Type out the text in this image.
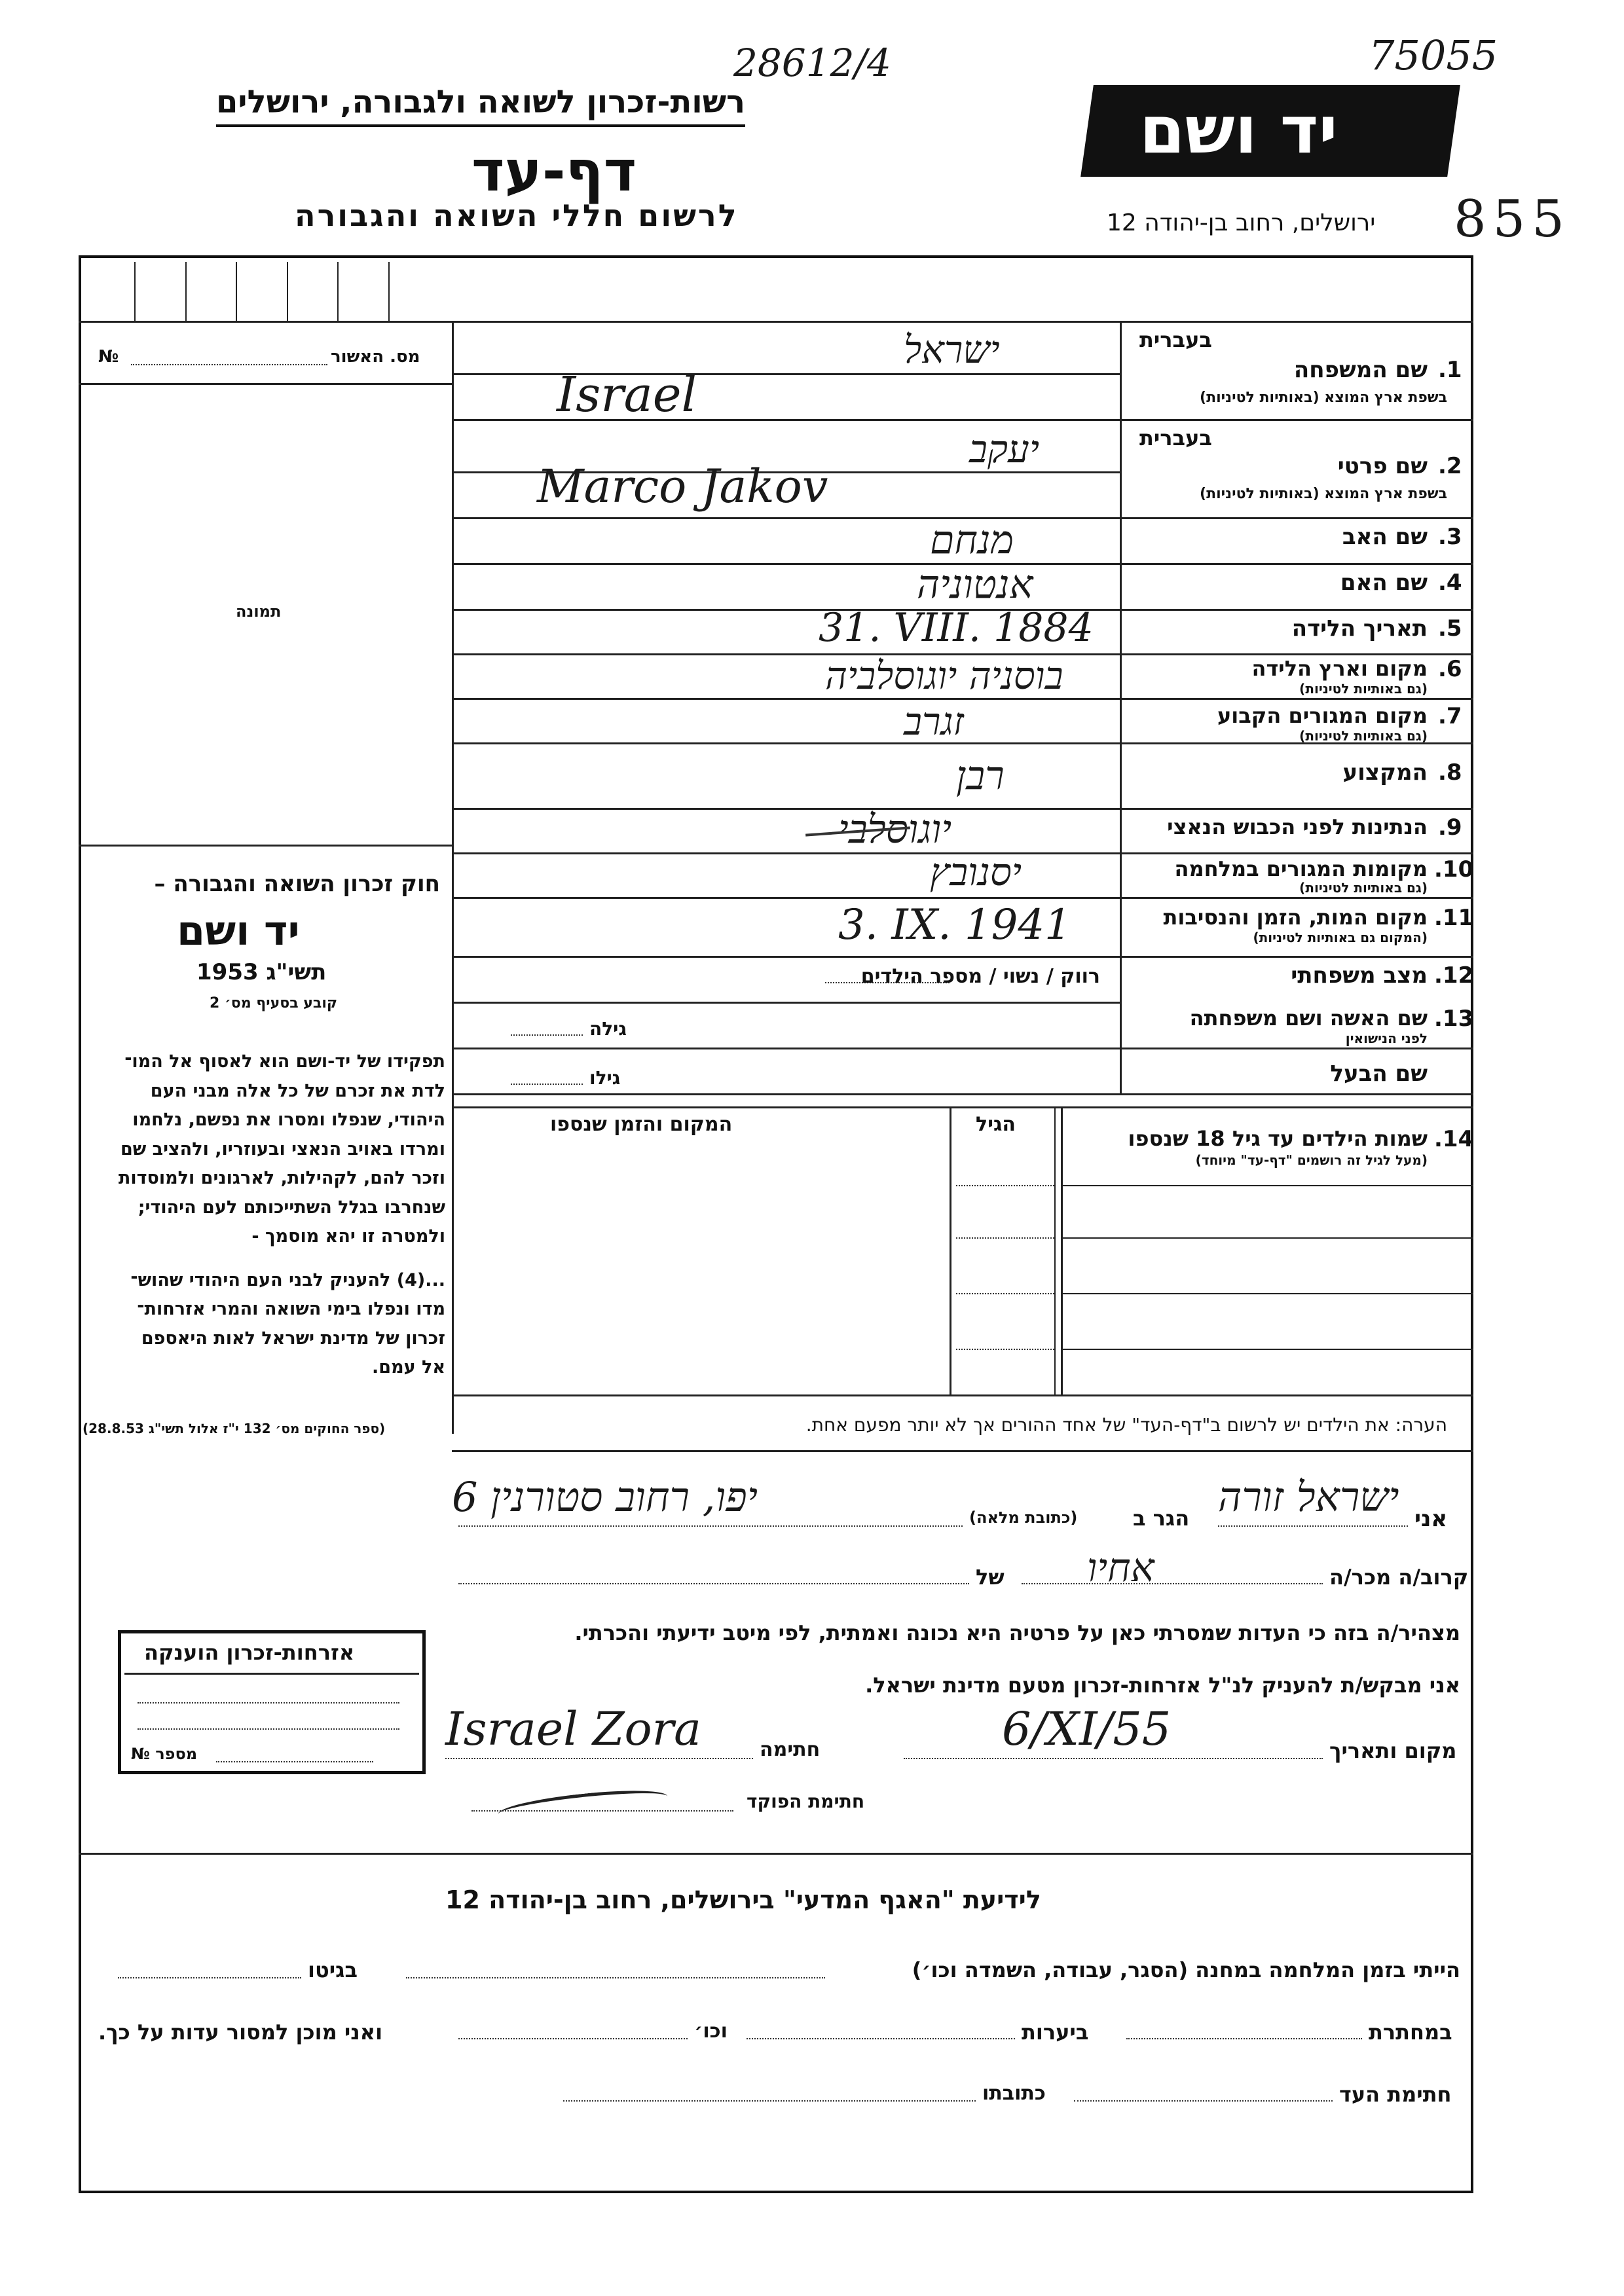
28612/4	75055
855
רשות-זכרון לשואה ולגבורה, ירושלים
דף-עד
לרשום חללי השואה והגבורה
יד ושם
ירושלים, רחוב בן-יהודה 12
№	מס. האשור
תמונה
חוק זכרון השואה והגבורה –
יד ושם
תשי"ג 1953
קובע בסעיף מס׳ 2
תפקידו של יד-ושם הוא לאסוף אל המו־
לדת את זכרם של כל אלה מבני העם
היהודי, שנפלו ומסרו את נפשם, נלחמו
ומרדו באויב הנאצי ובעוזריו, ולהציב שם
וזכר להם, לקהילות, לארגונים ולמוסדות
שנחרבו בגלל השתייכותם לעם היהודי;
ולמטרה זו יהא מוסמך -
...(4) להעניק לבני העם היהודי שהוש־
מדו ונפלו בימי השואה והמרי אזרחות־
זכרון של מדינת ישראל לאות היאספם
אל עמם.
(ספר החוקים מס׳ 132 י"ז אלול תשי"ג 28.8.53)
בעברית
1.
שם המשפחה
בשפת ארץ המוצא (באותיות לטיניות)
ישראל
Israel
בעברית
2.
שם פרטי
בשפת ארץ המוצא (באותיות לטיניות)
יעקב
Marco Jakov
3.
שם האב
מנחם
4.
שם האם
אנטוניה
5.
תאריך הלידה
31. VIII. 1884
6.
מקום וארץ הלידה
(גם באותיות לטיניות)
בוסניה יוגוסלביה
7.
מקום המגורים הקבוע
(גם באותיות לטיניות)
זגרב
8.
המקצוע
רבן
9.
הנתינות לפני הכבוש הנאצי
יוגוסלבי
10.
מקומות המגורים במלחמה
(גם באותיות לטיניות)
יסנובץ
11.
מקום המות, הזמן והנסיבות
(המקום גם באותיות לטיניות)
3. IX. 1941
12.
מצב משפחתי
רווק / נשוי / מספר הילדים
13.
שם האשה ושם משפחתה
לפני הנישואין
גילה
שם הבעל
גילו
14.
שמות הילדים עד גיל 18 שנספו
(מעל לגיל זה רושמים "דף-עד" מיוחד)
הגיל
המקום והזמן שנספו
הערה: את הילדים יש לרשום ב"דף-העד" של אחד ההורים אך לא יותר מפעם אחת.
אני
ישראל זורה
הגר ב
(כתובת מלאה)
יפו, רחוב סטורנין 6
קרוב/ה מכר/ה
אחיו
של
מצהיר/ה בזה כי העדות שמסרתי כאן על פרטיה היא נכונה ואמתית, לפי מיטב ידיעתי והכרתי.
אני מבקש/ת להעניק לנ"ל אזרחות-זכרון מטעם מדינת ישראל.
מקום ותאריך
6/XI/55
חתימה
Israel Zora
חתימת הפוקד
אזרחות-זכרון הוענקה
מספר №
לידיעת "האגף המדעי" בירושלים, רחוב בן-יהודה 12
הייתי בזמן המלחמה במחנה (הסגר, עבודה, השמדה וכו׳)
בגיטו
במחתרת
ביערות
וכו׳
ואני מוכן למסור עדות על כך.
חתימת העד
כתובתו
